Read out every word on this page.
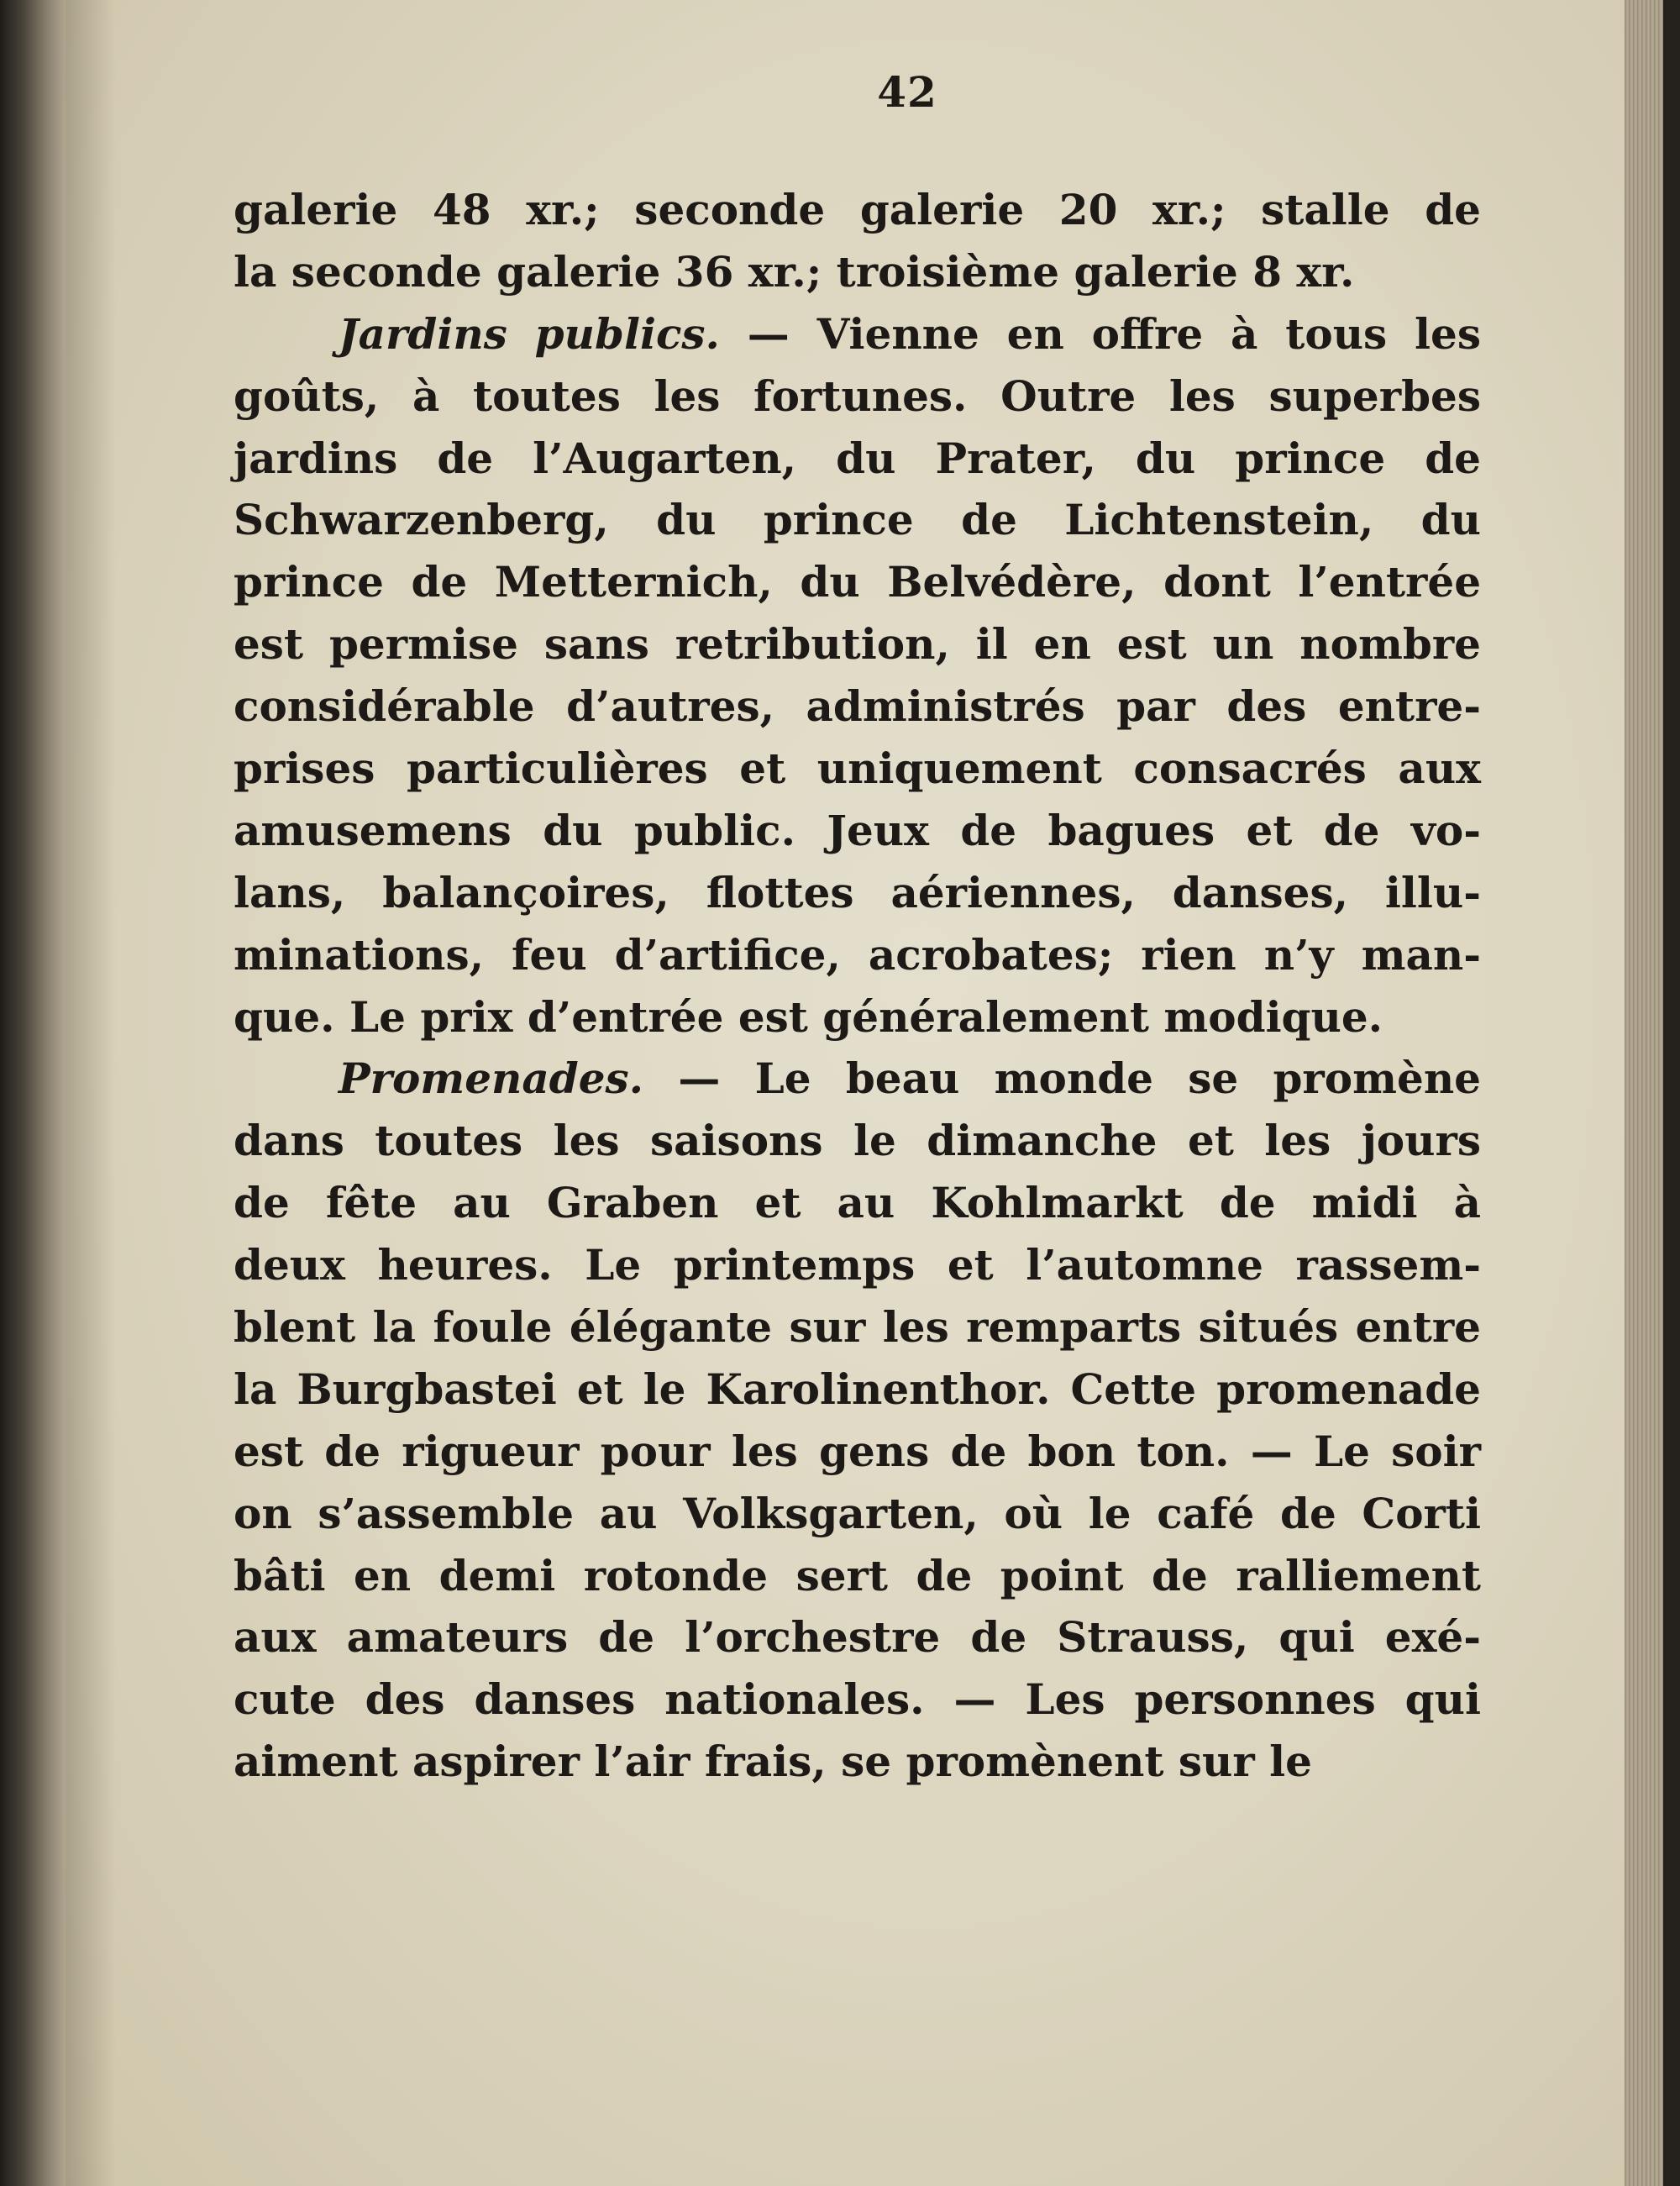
42
galerie 48 xr.; seconde galerie 20 xr.; stalle de
la seconde galerie 36 xr.; troisième galerie 8 xr.
Jardins publics. — Vienne en offre à tous les
goûts, à toutes les fortunes. Outre les superbes
jardins de l’Augarten, du Prater, du prince de
Schwarzenberg, du prince de Lichtenstein, du
prince de Metternich, du Belvédère, dont l’entrée
est permise sans retribution, il en est un nombre
considérable d’autres, administrés par des entre-
prises particulières et uniquement consacrés aux
amusemens du public. Jeux de bagues et de vo-
lans, balançoires, flottes aériennes, danses, illu-
minations, feu d’artifice, acrobates; rien n’y man-
que. Le prix d’entrée est généralement modique.
Promenades. — Le beau monde se promène
dans toutes les saisons le dimanche et les jours
de fête au Graben et au Kohlmarkt de midi à
deux heures. Le printemps et l’automne rassem-
blent la foule élégante sur les remparts situés entre
la Burgbastei et le Karolinenthor. Cette promenade
est de rigueur pour les gens de bon ton. — Le soir
on s’assemble au Volksgarten, où le café de Corti
bâti en demi rotonde sert de point de ralliement
aux amateurs de l’orchestre de Strauss, qui exé-
cute des danses nationales. — Les personnes qui
aiment aspirer l’air frais, se promènent sur le
